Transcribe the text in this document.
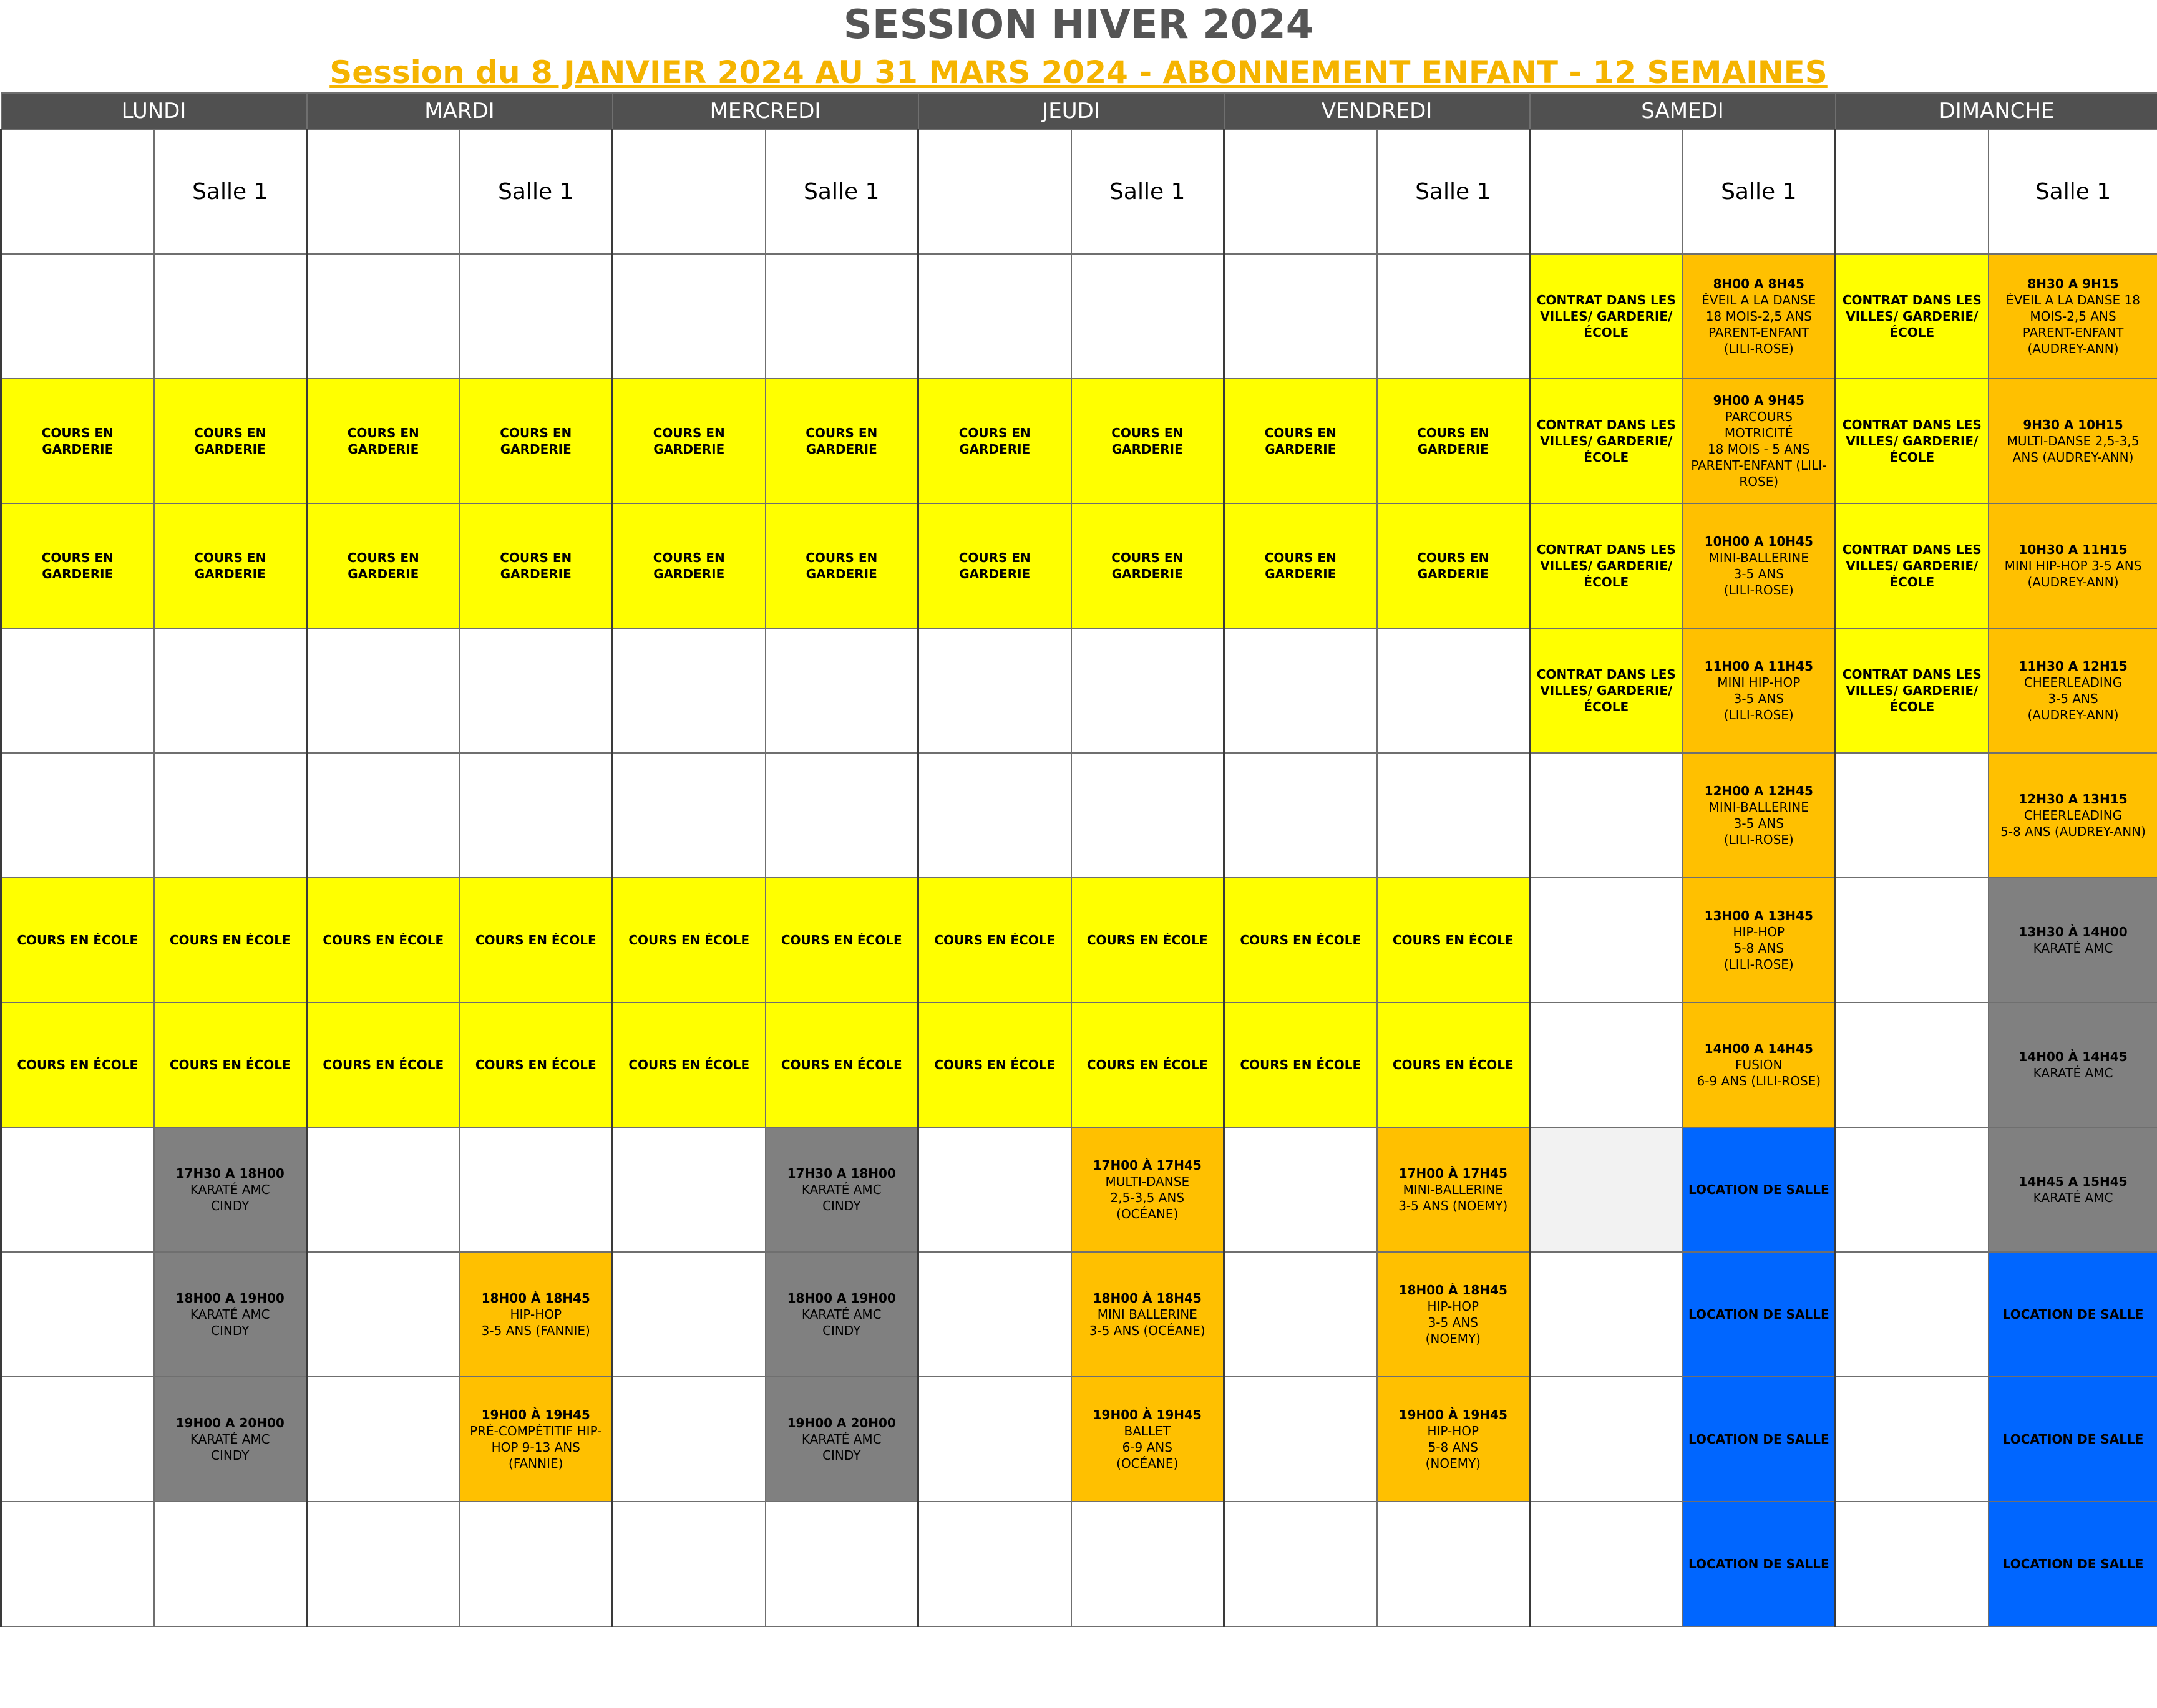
SESSION HIVER 2024
Session du 8 JANVIER 2024 AU 31 MARS 2024 - ABONNEMENT ENFANT - 12 SEMAINES
LUNDI		MARDI		MERCREDI		JEUDI		VENDREDI		SAMEDI		DIMANCHE	
	Salle 1		Salle 1		Salle 1		Salle 1		Salle 1		Salle 1		Salle 1

										CONTRAT DANS LES VILLES/ GARDERIE/ÉCOLE	8H00 A 8H45
ÉVEIL A LA DANSE
18 MOIS-2,5 ANS
PARENT-ENFANT
(LILI-ROSE)	CONTRAT DANS LES VILLES/ GARDERIE/ÉCOLE	8H30 A 9H15
ÉVEIL A LA DANSE 18 MOIS-2,5 ANS
PARENT-ENFANT
(AUDREY-ANN)

COURS EN GARDERIE	COURS EN GARDERIE	COURS EN GARDERIE	COURS EN GARDERIE	COURS EN GARDERIE	COURS EN GARDERIE	COURS EN GARDERIE	COURS EN GARDERIE	COURS EN GARDERIE	COURS EN GARDERIE	CONTRAT DANS LES VILLES/ GARDERIE/ÉCOLE	9H00 A 9H45
PARCOURS
MOTRICITÉ
18 MOIS - 5 ANS
PARENT-ENFANT (LILI-ROSE)	CONTRAT DANS LES VILLES/ GARDERIE/ÉCOLE	9H30 A 10H15
MULTI-DANSE 2,5-3,5 ANS (AUDREY-ANN)

COURS EN GARDERIE	COURS EN GARDERIE	COURS EN GARDERIE	COURS EN GARDERIE	COURS EN GARDERIE	COURS EN GARDERIE	COURS EN GARDERIE	COURS EN GARDERIE	COURS EN GARDERIE	COURS EN GARDERIE	CONTRAT DANS LES VILLES/ GARDERIE/ÉCOLE	10H00 A 10H45
MINI-BALLERINE
3-5 ANS
(LILI-ROSE)	CONTRAT DANS LES VILLES/ GARDERIE/ÉCOLE	10H30 A 11H15
MINI HIP-HOP 3-5 ANS (AUDREY-ANN)

										CONTRAT DANS LES VILLES/ GARDERIE/ÉCOLE	11H00 A 11H45
MINI HIP-HOP
3-5 ANS
(LILI-ROSE)	CONTRAT DANS LES VILLES/ GARDERIE/ÉCOLE	11H30 A 12H15
CHEERLEADING
3-5 ANS
(AUDREY-ANN)

											12H00 A 12H45
MINI-BALLERINE
3-5 ANS
(LILI-ROSE)		12H30 A 13H15
CHEERLEADING
5-8 ANS (AUDREY-ANN)

COURS EN ÉCOLE	COURS EN ÉCOLE	COURS EN ÉCOLE	COURS EN ÉCOLE	COURS EN ÉCOLE	COURS EN ÉCOLE	COURS EN ÉCOLE	COURS EN ÉCOLE	COURS EN ÉCOLE	COURS EN ÉCOLE		13H00 A 13H45
HIP-HOP
5-8 ANS
(LILI-ROSE)		13H30 À 14H00
KARATÉ AMC

COURS EN ÉCOLE	COURS EN ÉCOLE	COURS EN ÉCOLE	COURS EN ÉCOLE	COURS EN ÉCOLE	COURS EN ÉCOLE	COURS EN ÉCOLE	COURS EN ÉCOLE	COURS EN ÉCOLE	COURS EN ÉCOLE		14H00 A 14H45
FUSION
6-9 ANS (LILI-ROSE)		14H00 À 14H45
KARATÉ AMC

	17H30 A 18H00
KARATÉ AMC
CINDY				17H30 A 18H00
KARATÉ AMC
CINDY		17H00 À 17H45
MULTI-DANSE
2,5-3,5 ANS
(OCÉANE)		17H00 À 17H45
MINI-BALLERINE
3-5 ANS (NOEMY)		LOCATION DE SALLE		14H45 A 15H45
KARATÉ AMC

	18H00 A 19H00
KARATÉ AMC
CINDY		18H00 À 18H45
HIP-HOP
3-5 ANS (FANNIE)		18H00 A 19H00
KARATÉ AMC
CINDY		18H00 À 18H45
MINI BALLERINE
3-5 ANS (OCÉANE)		18H00 À 18H45
HIP-HOP
3-5 ANS
(NOEMY)		LOCATION DE SALLE		LOCATION DE SALLE

	19H00 A 20H00
KARATÉ AMC
CINDY		19H00 À 19H45
PRÉ-COMPÉTITIF HIP-HOP 9-13 ANS (FANNIE)		19H00 A 20H00
KARATÉ AMC
CINDY		19H00 À 19H45
BALLET
6-9 ANS
(OCÉANE)		19H00 À 19H45
HIP-HOP
5-8 ANS
(NOEMY)		LOCATION DE SALLE		LOCATION DE SALLE

											LOCATION DE SALLE		LOCATION DE SALLE
